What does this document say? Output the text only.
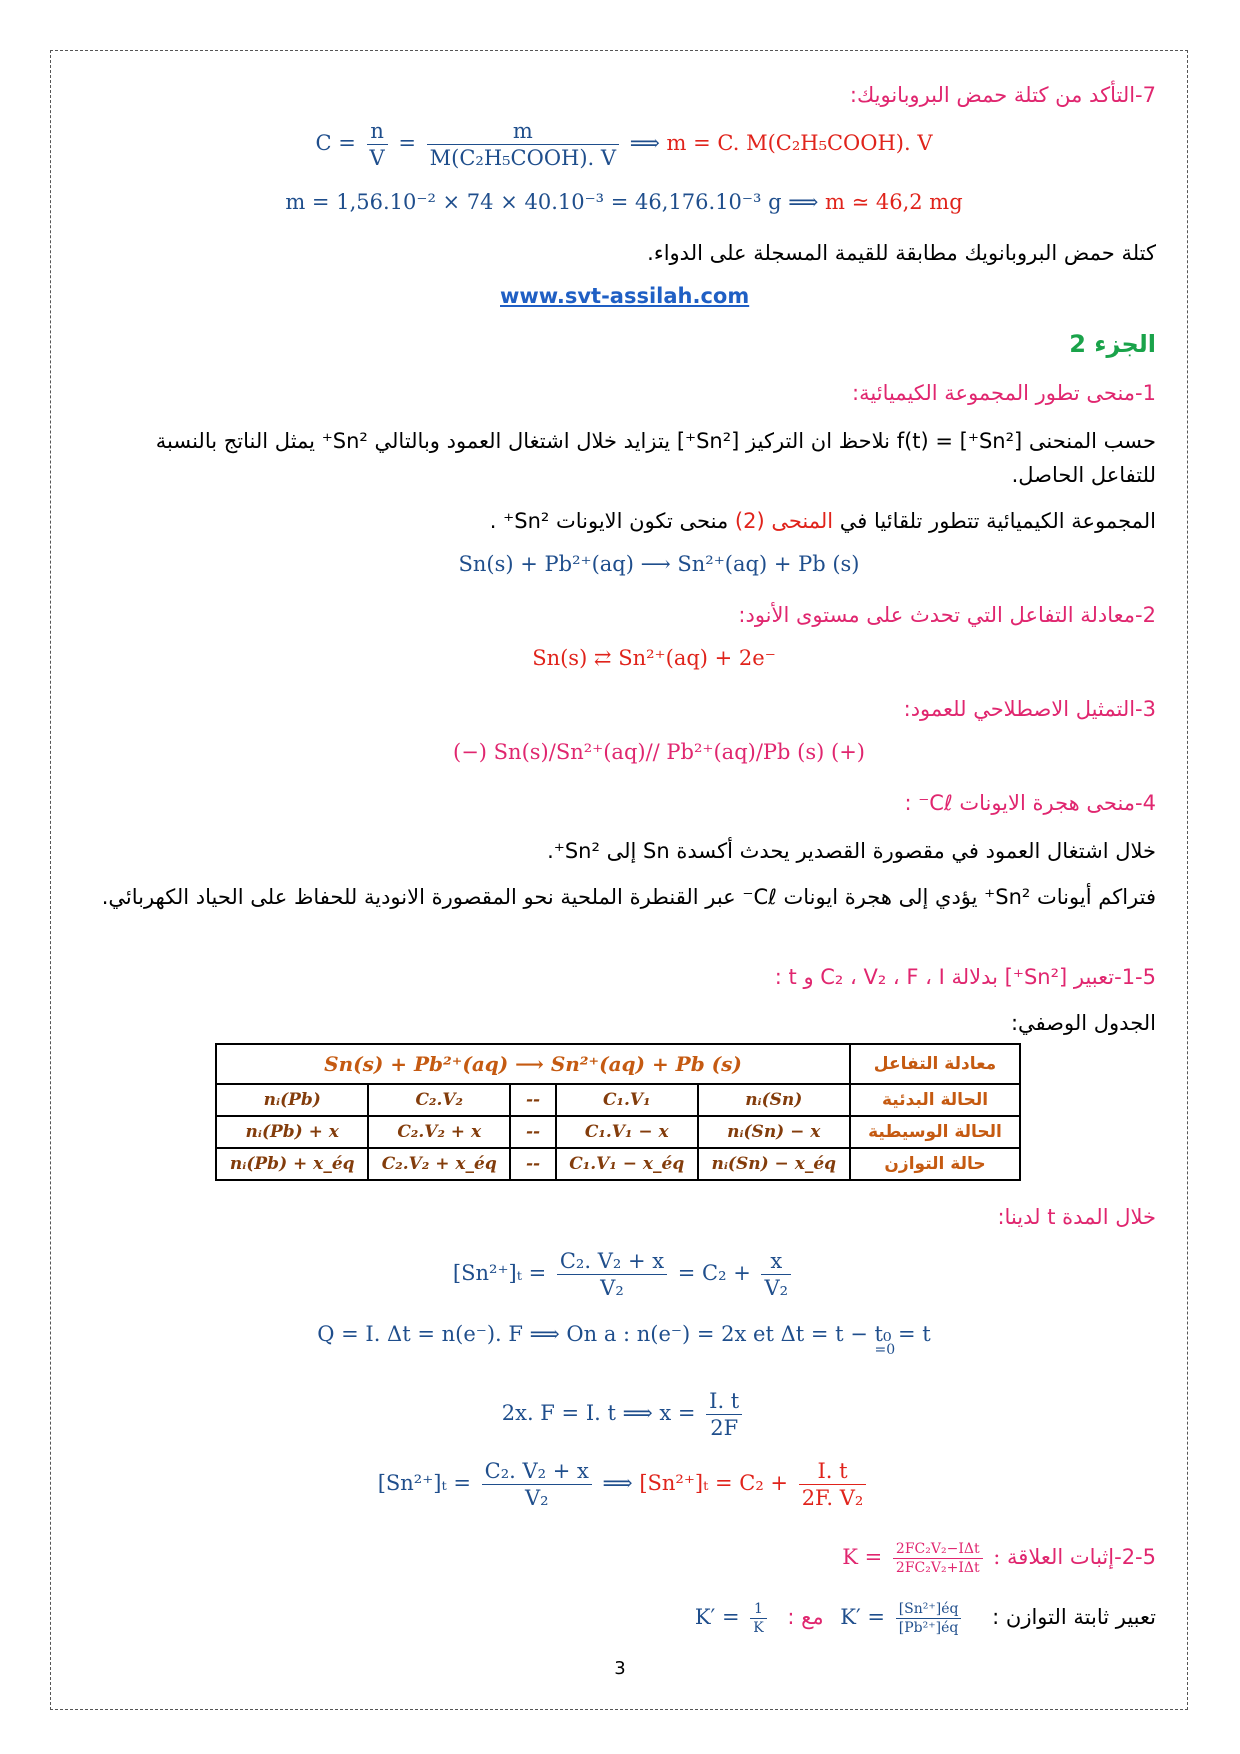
7-التأكد من كتلة حمض البروبانويك:
$C = \frac{n}{V} = \frac{m}{\text{M(C₂H₅COOH). V}}$ ⟹ m = C. M(C₂H₅COOH). V
m = 1,56.10⁻² × 74 × 40.10⁻³ = 46,176.10⁻³ g ⟹ m ≃ 46,2 mg
كتلة حمض البروبانويك مطابقة للقيمة المسجلة على الدواء.
www.svt-assilah.com
الجزء 2
1-منحى تطور المجموعة الكيميائية:
حسب المنحنى [Sn²⁺] = f(t) نلاحظ ان التركيز [Sn²⁺] يتزايد خلال اشتغال العمود وبالتالي Sn²⁺ يمثل الناتج بالنسبة للتفاعل الحاصل.
المجموعة الكيميائية تتطور تلقائيا في المنحى (2) منحى تكون الايونات Sn²⁺ .
Sn(s) + Pb²⁺(aq) ⟶ Sn²⁺(aq) + Pb (s)
2-معادلة التفاعل التي تحدث على مستوى الأنود:
Sn(s) ⇄ Sn²⁺(aq) + 2e⁻
3-التمثيل الاصطلاحي للعمود:
(−) Sn(s)/Sn²⁺(aq)// Pb²⁺(aq)/Pb (s) (+)
4-منحى هجرة الايونات Cℓ⁻ :
خلال اشتغال العمود في مقصورة القصدير يحدث أكسدة Sn إلى Sn²⁺.
فتراكم أيونات Sn²⁺ يؤدي إلى هجرة ايونات Cℓ⁻ عبر القنطرة الملحية نحو المقصورة الانودية للحفاظ على الحياد الكهربائي.
1-5-تعبير [Sn²⁺] بدلالة C₂ ، V₂ ، F ، I و t :
الجدول الوصفي:
Sn(s) + Pb²⁺(aq) ⟶ Sn²⁺(aq) + Pb (s)					معادلة التفاعل
nᵢ(Pb)	C₂.V₂	--	C₁.V₁	nᵢ(Sn)	الحالة البدئية
nᵢ(Pb) + x	C₂.V₂ + x	--	C₁.V₁ − x	nᵢ(Sn) − x	الحالة الوسيطية
nᵢ(Pb) + x_éq	C₂.V₂ + x_éq	--	C₁.V₁ − x_éq	nᵢ(Sn) − x_éq	حالة التوازن
خلال المدة t لدينا:
$[Sn^{2+}]_t = \frac{\text{C₂. V₂ + x}}{\text{V₂}} = C_2 + \frac{x}{\text{V₂}}$
Q = I. Δt = n(e⁻). F ⟹ On a : n(e⁻) = 2x et Δt = t − t₀
=0
= t
2x. F = I. t ⟹ $x = \frac{I. t}{2F}$
$[Sn^{2+}]_t = \frac{\text{C₂. V₂ + x}}{\text{V₂}}$ ⟹ $[Sn^{2+}]_t = C_2 + \frac{I. t}{\text{2F. V₂}}$
2-5-إثبات العلاقة $K = \frac{\text{2FC₂V₂−IΔt}}{\text{2FC₂V₂+IΔt}}$ :
تعبير ثابتة التوازن : $K' = \frac{\text{[Sn²⁺]éq}}{\text{[Pb²⁺]éq}}$
مع : $K' = \frac{1}{K}$
3
